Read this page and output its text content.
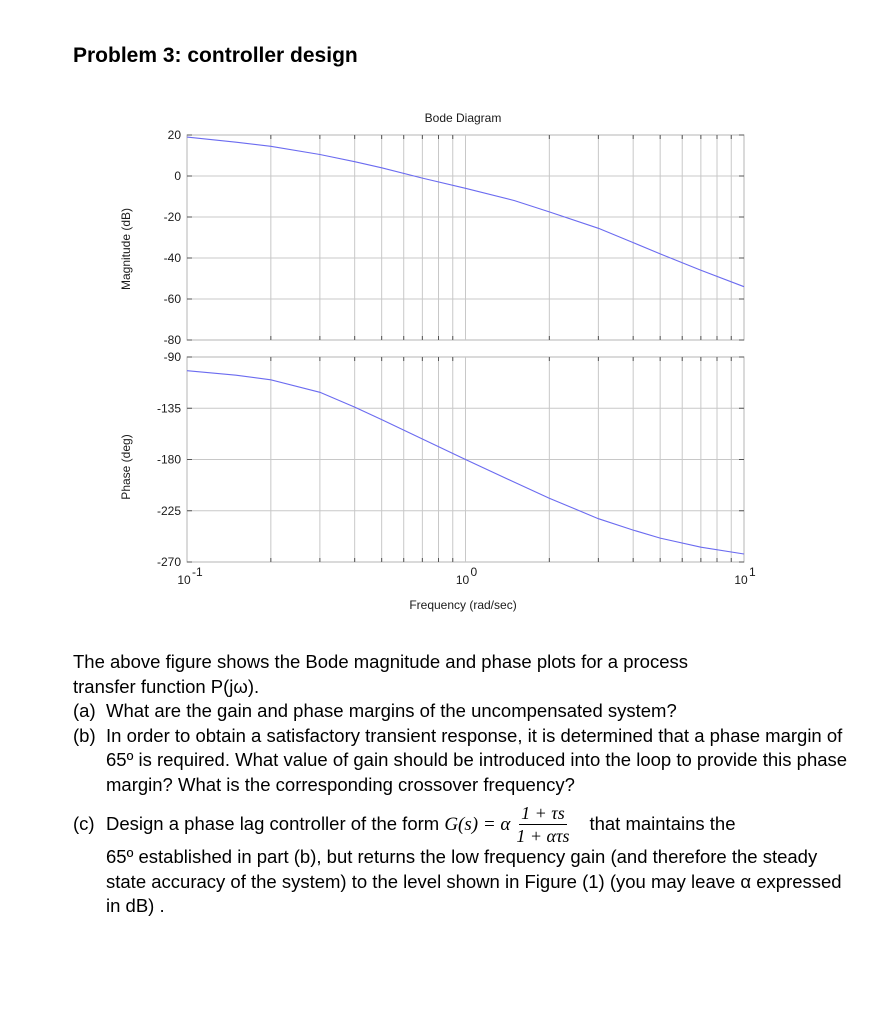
Problem 3: controller design
20
0
-20
-40
-60
-80
-90
-135
-180
-225
-270
10
-1
10
0
10
1
Bode Diagram
Magnitude (dB)
Phase (deg)
Frequency (rad/sec)

The above figure shows the Bode magnitude and phase plots for a process
transfer function P(jω).

(a) What are the gain and phase margins of the uncompensated system?

(b) In order to obtain a satisfactory transient response, it is determined that a phase margin of 65º is required. What value of gain should be introduced into the loop to provide this phase margin? What is the corresponding crossover frequency?

(c) Design a phase lag controller of the form G(s) = α $\frac{1 + \tau s}{\text{1 + ατs}}$ that maintains the
65º established in part (b), but returns the low frequency gain (and therefore the steady state accuracy of the system) to the level shown in Figure (1) (you may leave α expressed in dB) .
